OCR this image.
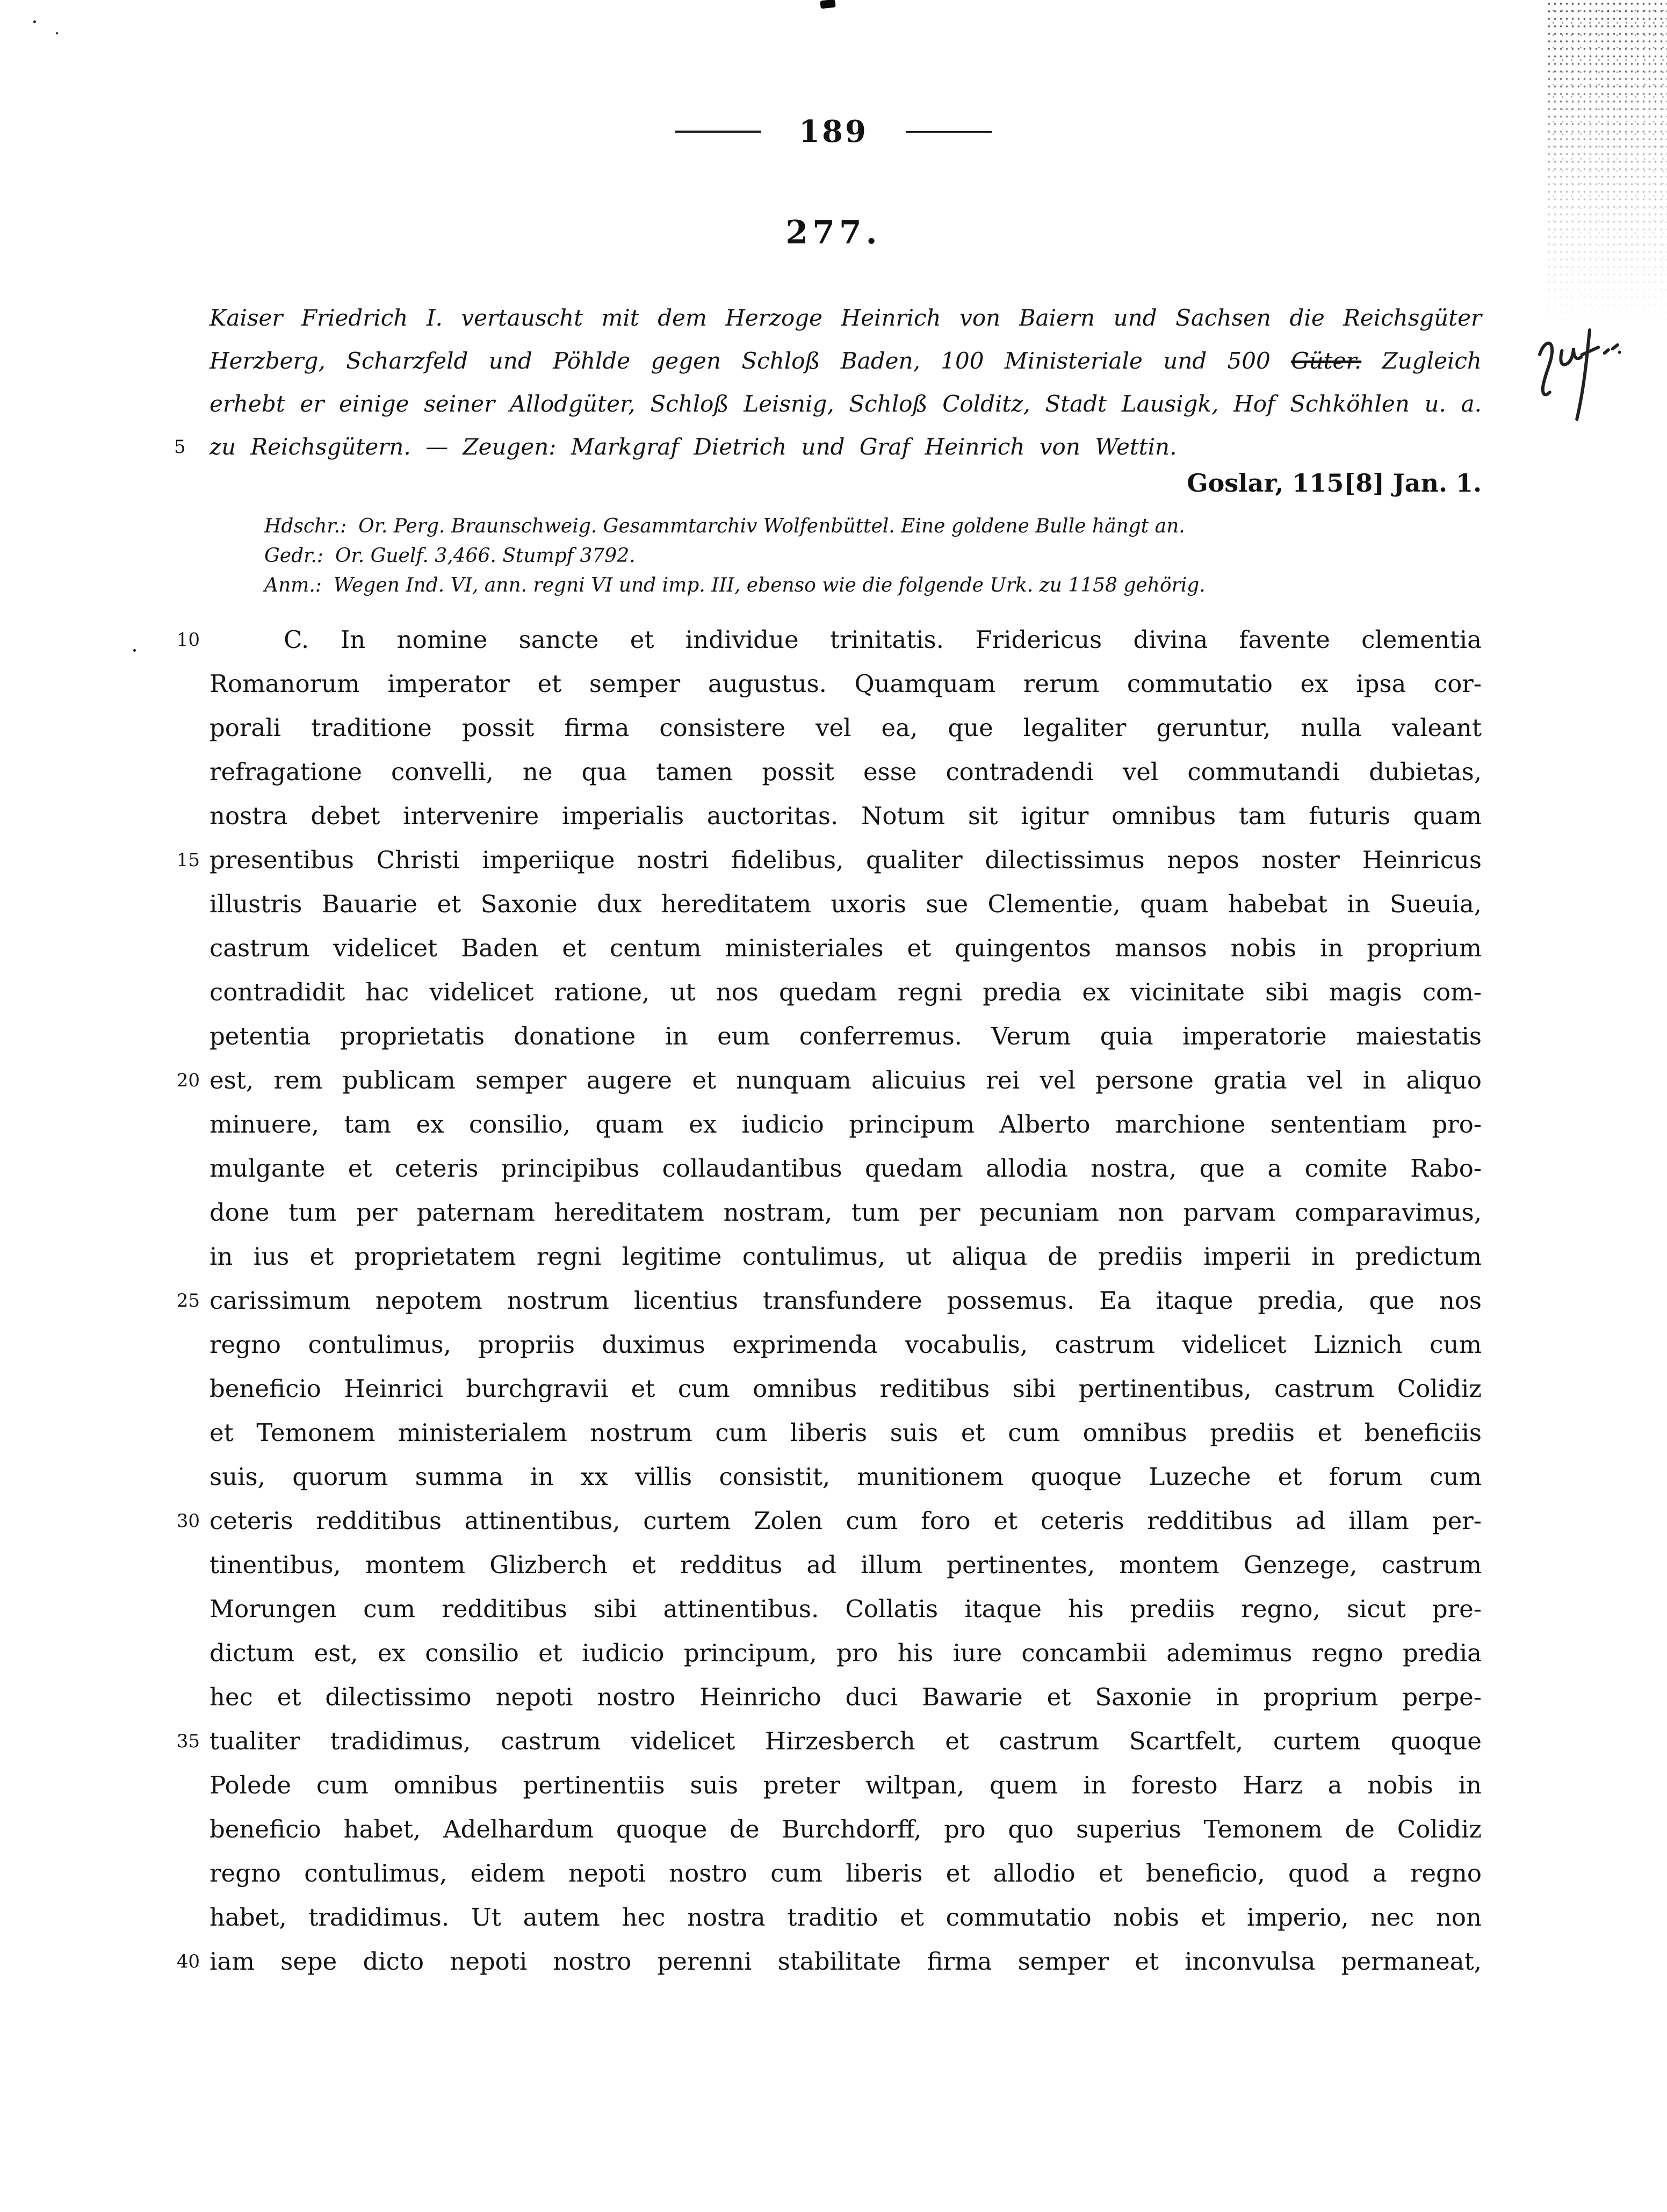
189
277.
Kaiser Friedrich I. vertauscht mit dem Herzoge Heinrich von Baiern und Sachsen die Reichsgüter
Herzberg, Scharzfeld und Pöhlde gegen Schloß Baden, 100 Ministeriale und 500 Güter. Zugleich
erhebt er einige seiner Allodgüter, Schloß Leisnig, Schloß Colditz, Stadt Lausigk, Hof Schköhlen u. a.
5	zu Reichsgütern. — Zeugen: Markgraf Dietrich und Graf Heinrich von Wettin.
Goslar, 115[8] Jan. 1.
Hdschr.: Or. Perg. Braunschweig. Gesammtarchiv Wolfenbüttel. Eine goldene Bulle hängt an.
Gedr.: Or. Guelf. 3,466. Stumpf 3792.
Anm.: Wegen Ind. VI, ann. regni VI und imp. III, ebenso wie die folgende Urk. zu 1158 gehörig.
10	C. In nomine sancte et individue trinitatis. Fridericus divina favente clementia
Romanorum imperator et semper augustus. Quamquam rerum commutatio ex ipsa cor-
porali traditione possit firma consistere vel ea, que legaliter geruntur, nulla valeant
refragatione convelli, ne qua tamen possit esse contradendi vel commutandi dubietas,
nostra debet intervenire imperialis auctoritas. Notum sit igitur omnibus tam futuris quam
15 presentibus Christi imperiique nostri fidelibus, qualiter dilectissimus nepos noster Heinricus
illustris Bauarie et Saxonie dux hereditatem uxoris sue Clementie, quam habebat in Sueuia,
castrum videlicet Baden et centum ministeriales et quingentos mansos nobis in proprium
contradidit hac videlicet ratione, ut nos quedam regni predia ex vicinitate sibi magis com-
petentia proprietatis donatione in eum conferremus. Verum quia imperatorie maiestatis
20 est, rem publicam semper augere et nunquam alicuius rei vel persone gratia vel in aliquo
minuere, tam ex consilio, quam ex iudicio principum Alberto marchione sententiam pro-
mulgante et ceteris principibus collaudantibus quedam allodia nostra, que a comite Rabo-
done tum per paternam hereditatem nostram, tum per pecuniam non parvam comparavimus,
in ius et proprietatem regni legitime contulimus, ut aliqua de prediis imperii in predictum
25 carissimum nepotem nostrum licentius transfundere possemus. Ea itaque predia, que nos
regno contulimus, propriis duximus exprimenda vocabulis, castrum videlicet Liznich cum
beneficio Heinrici burchgravii et cum omnibus reditibus sibi pertinentibus, castrum Colidiz
et Temonem ministerialem nostrum cum liberis suis et cum omnibus prediis et beneficiis
suis, quorum summa in xx villis consistit, munitionem quoque Luzeche et forum cum
30 ceteris redditibus attinentibus, curtem Zolen cum foro et ceteris redditibus ad illam per-
tinentibus, montem Glizberch et redditus ad illum pertinentes, montem Genzege, castrum
Morungen cum redditibus sibi attinentibus. Collatis itaque his prediis regno, sicut pre-
dictum est, ex consilio et iudicio principum, pro his iure concambii ademimus regno predia
hec et dilectissimo nepoti nostro Heinricho duci Bawarie et Saxonie in proprium perpe-
35 tualiter tradidimus, castrum videlicet Hirzesberch et castrum Scartfelt, curtem quoque
Polede cum omnibus pertinentiis suis preter wiltpan, quem in foresto Harz a nobis in
beneficio habet, Adelhardum quoque de Burchdorff, pro quo superius Temonem de Colidiz
regno contulimus, eidem nepoti nostro cum liberis et allodio et beneficio, quod a regno
habet, tradidimus. Ut autem hec nostra traditio et commutatio nobis et imperio, nec non
40 iam sepe dicto nepoti nostro perenni stabilitate firma semper et inconvulsa permaneat,
